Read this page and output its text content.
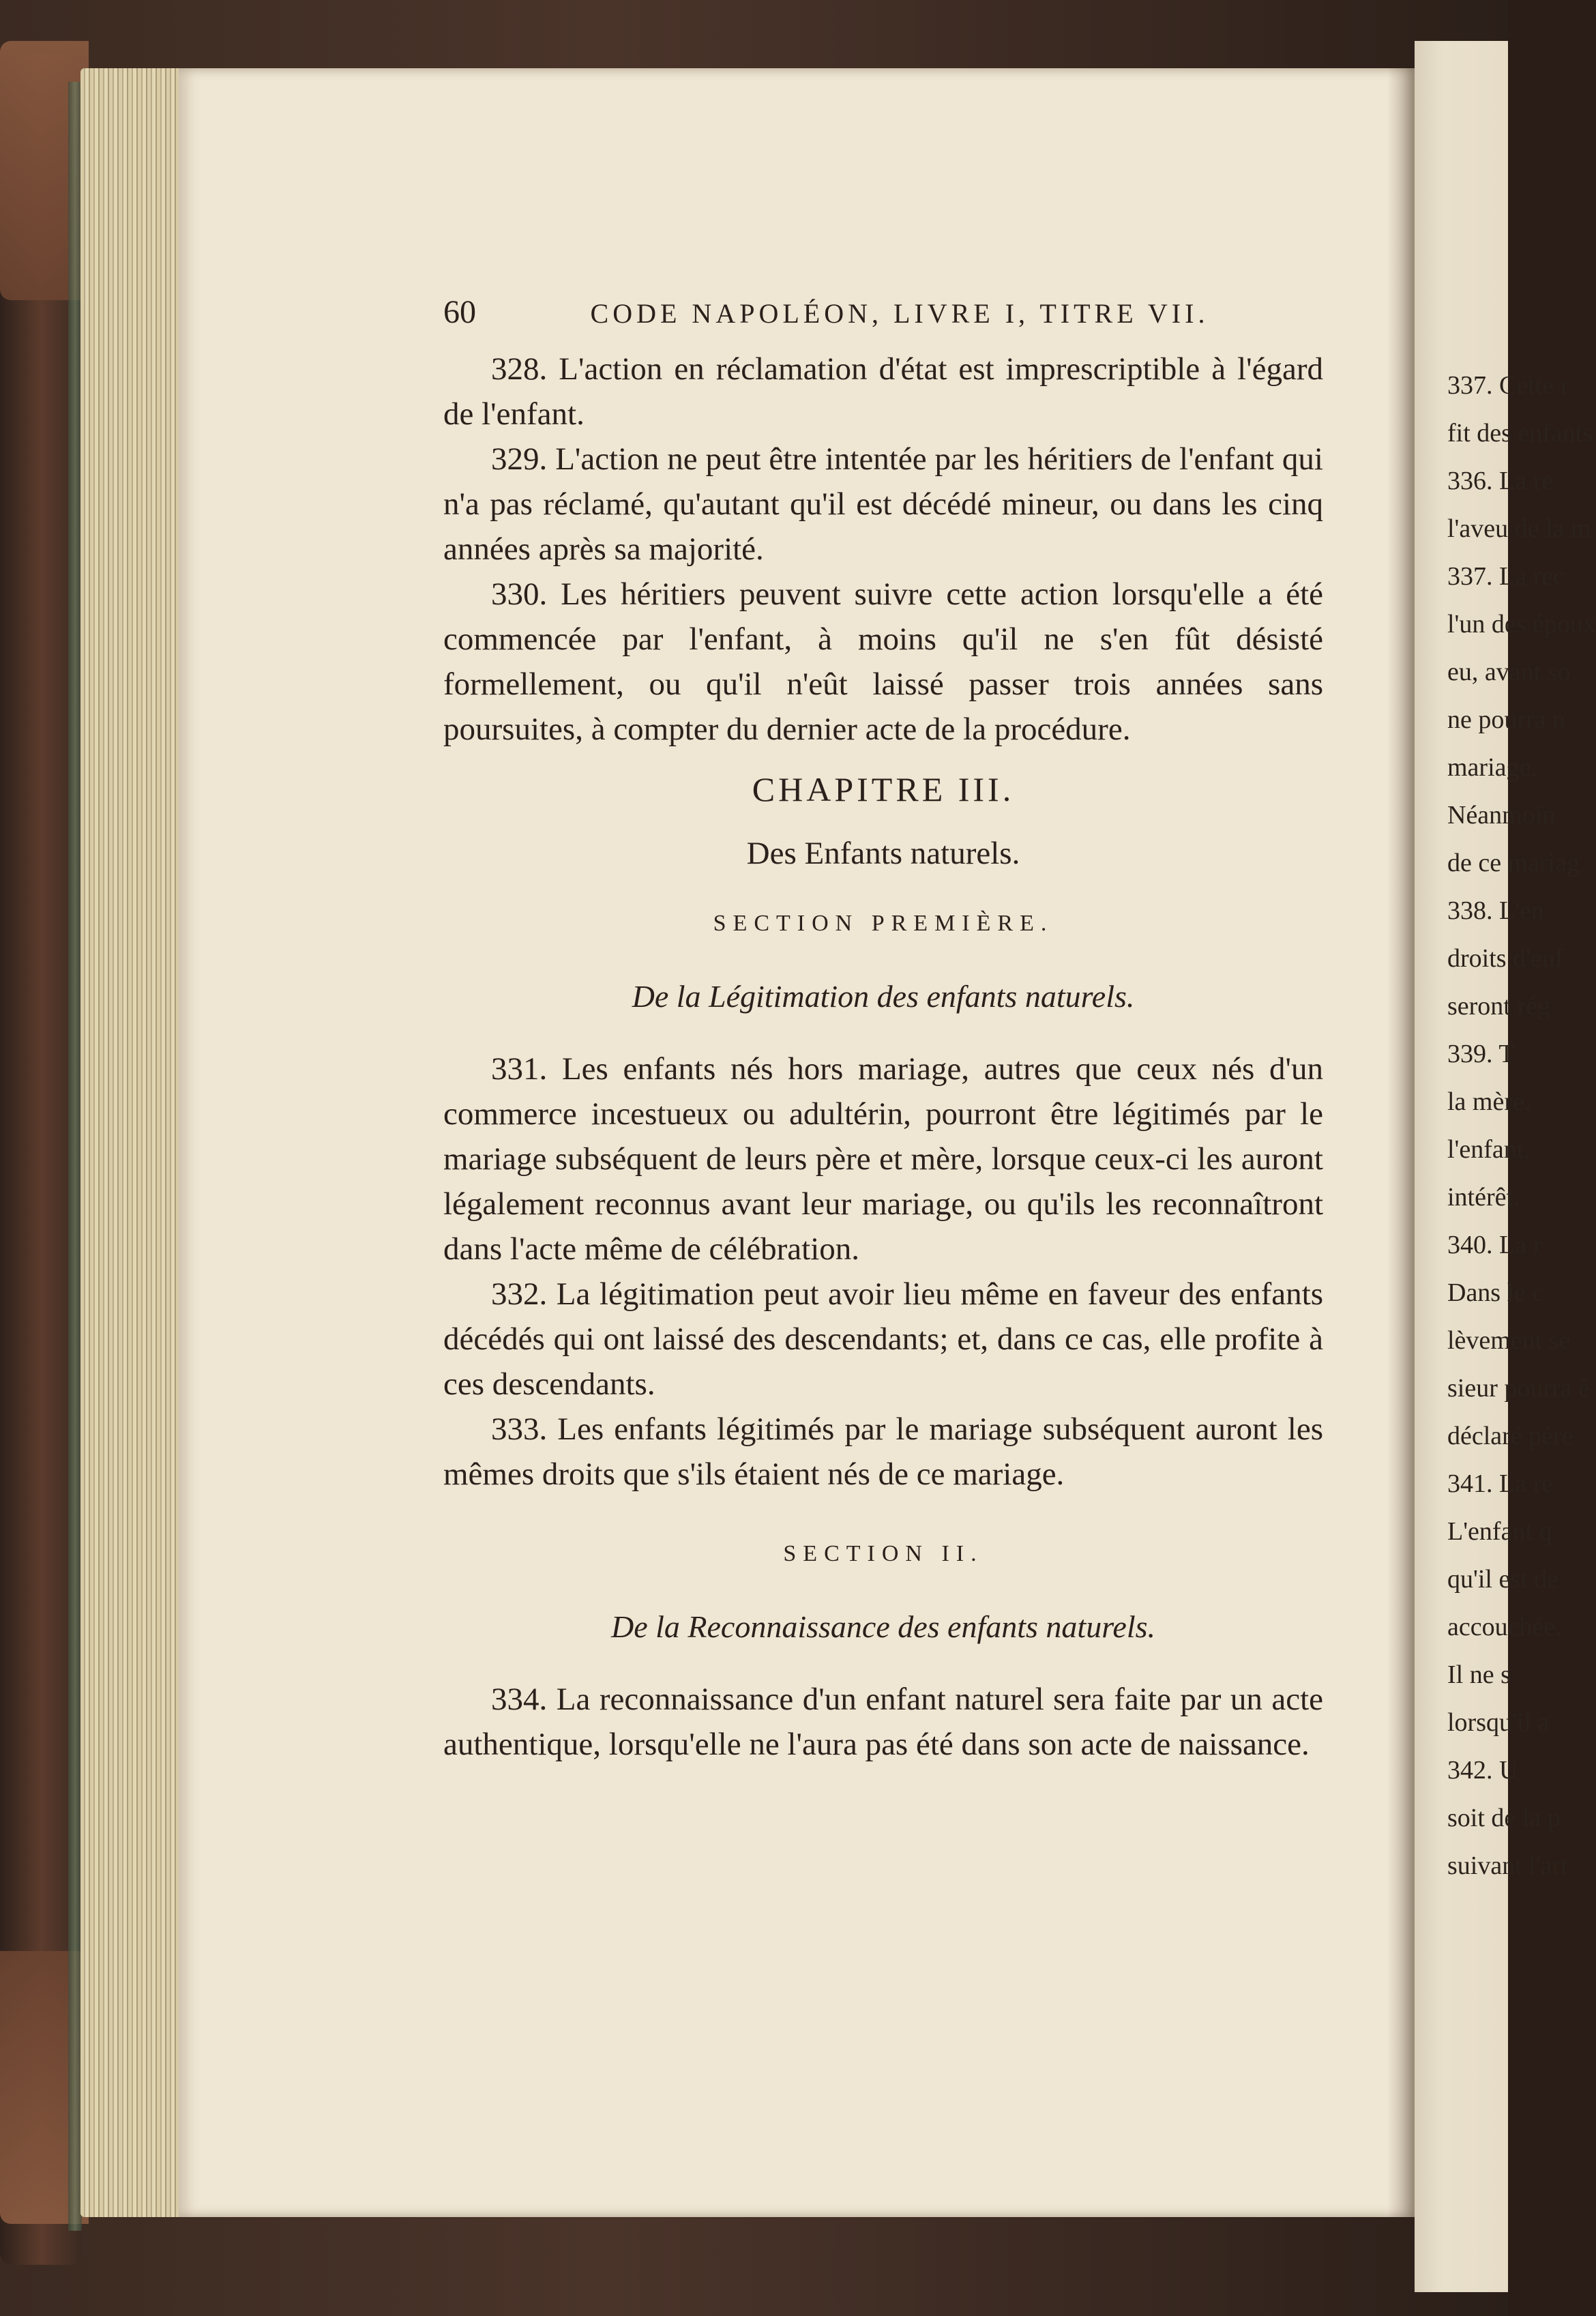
337. Cette r
fit des enfants
336. La re
l'aveu de la m
337. La rec
l'un des époux
eu, avant so
ne pourra n
mariage.
Néanmoin
de ce mariag
338. L'en
droits d'enf
seront rég
339. T
la mère,
l'enfant,
intérêt.
340. La r
Dans le c
lèvement se
sieur pourra ê
déclaré père
341. La re
L'enfant q
qu'il est de
accouchée.
Il ne s
lorsqu'il a
342. U
soit de la p
suivant l'art
60	CODE NAPOLÉON, LIVRE I, TITRE VII.

328. L'action en réclamation d'état est imprescriptible à l'égard de l'enfant.

329. L'action ne peut être intentée par les héritiers de l'enfant qui n'a pas réclamé, qu'autant qu'il est décédé mineur, ou dans les cinq années après sa majorité.

330. Les héritiers peuvent suivre cette action lorsqu'elle a été commencée par l'enfant, à moins qu'il ne s'en fût désisté formellement, ou qu'il n'eût laissé passer trois années sans poursuites, à compter du dernier acte de la procédure.

CHAPITRE III.
Des Enfants naturels.
SECTION PREMIÈRE.
De la Légitimation des enfants naturels.

331. Les enfants nés hors mariage, autres que ceux nés d'un commerce incestueux ou adultérin, pourront être légitimés par le mariage subséquent de leurs père et mère, lorsque ceux-ci les auront légalement reconnus avant leur mariage, ou qu'ils les reconnaîtront dans l'acte même de célébration.

332. La légitimation peut avoir lieu même en faveur des enfants décédés qui ont laissé des descendants; et, dans ce cas, elle profite à ces descendants.

333. Les enfants légitimés par le mariage subséquent auront les mêmes droits que s'ils étaient nés de ce mariage.

SECTION II.
De la Reconnaissance des enfants naturels.

334. La reconnaissance d'un enfant naturel sera faite par un acte authentique, lorsqu'elle ne l'aura pas été dans son acte de naissance.
